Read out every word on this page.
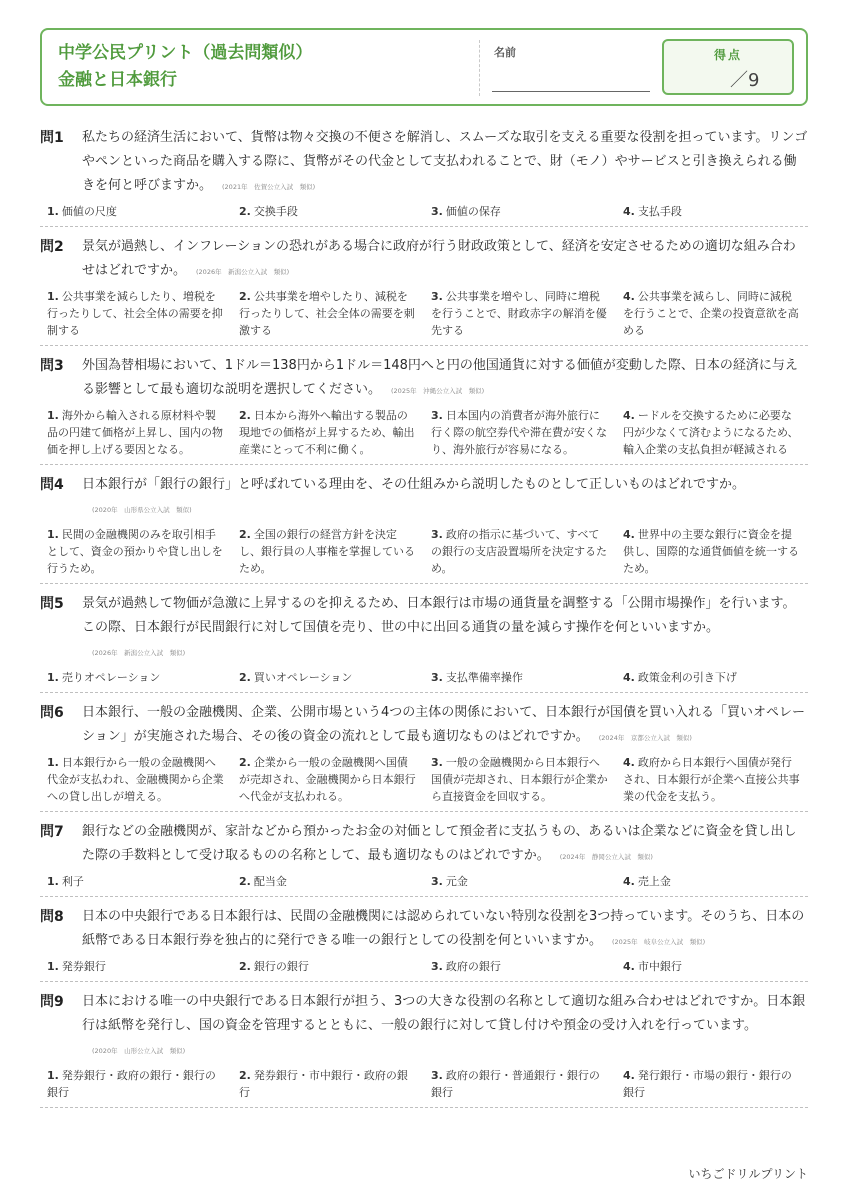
中学公民プリント（過去問類似）
金融と日本銀行
名前	得点
／9
問1	私たちの経済生活において、貨幣は物々交換の不便さを解消し、スムーズな取引を支える重要な役割を担っています。リンゴやペンといった商品を購入する際に、貨幣がその代金として支払われることで、財（モノ）やサービスと引き換えられる働きを何と呼びますか。 (2021年　佐賀公立入試　類似)
1. 価値の尺度	2. 交換手段	3. 価値の保存	4. 支払手段
問2	景気が過熱し、インフレーションの恐れがある場合に政府が行う財政政策として、経済を安定させるための適切な組み合わせはどれですか。 (2026年　新潟公立入試　類似)
1. 公共事業を減らしたり、増税を行ったりして、社会全体の需要を抑制する
2. 公共事業を増やしたり、減税を行ったりして、社会全体の需要を刺激する
3. 公共事業を増やし、同時に増税を行うことで、財政赤字の解消を優先する
4. 公共事業を減らし、同時に減税を行うことで、企業の投資意欲を高める
問3	外国為替相場において、1ドル＝138円から1ドル＝148円へと円の他国通貨に対する価値が変動した際、日本の経済に与える影響として最も適切な説明を選択してください。 (2025年　沖縄公立入試　類似)
1. 海外から輸入される原材料や製品の円建て価格が上昇し、国内の物価を押し上げる要因となる。
2. 日本から海外へ輸出する製品の現地での価格が上昇するため、輸出産業にとって不利に働く。
3. 日本国内の消費者が海外旅行に行く際の航空券代や滞在費が安くなり、海外旅行が容易になる。
4. ードルを交換するために必要な円が少なくて済むようになるため、輸入企業の支払負担が軽減される
問4	日本銀行が「銀行の銀行」と呼ばれている理由を、その仕組みから説明したものとして正しいものはどれですか。(2020年　山形県公立入試　類似)
1. 民間の金融機関のみを取引相手として、資金の預かりや貸し出しを行うため。
2. 全国の銀行の経営方針を決定し、銀行員の人事権を掌握しているため。
3. 政府の指示に基づいて、すべての銀行の支店設置場所を決定するため。
4. 世界中の主要な銀行に資金を提供し、国際的な通貨価値を統一するため。
問5	景気が過熱して物価が急激に上昇するのを抑えるため、日本銀行は市場の通貨量を調整する「公開市場操作」を行います。この際、日本銀行が民間銀行に対して国債を売り、世の中に出回る通貨の量を減らす操作を何といいますか。(2026年　新潟公立入試　類似)
1. 売りオペレーション	2. 買いオペレーション	3. 支払準備率操作	4. 政策金利の引き下げ
問6	日本銀行、一般の金融機関、企業、公開市場という4つの主体の関係において、日本銀行が国債を買い入れる「買いオペレーション」が実施された場合、その後の資金の流れとして最も適切なものはどれですか。 (2024年　京都公立入試　類似)
1. 日本銀行から一般の金融機関へ代金が支払われ、金融機関から企業への貸し出しが増える。
2. 企業から一般の金融機関へ国債が売却され、金融機関から日本銀行へ代金が支払われる。
3. 一般の金融機関から日本銀行へ国債が売却され、日本銀行が企業から直接資金を回収する。
4. 政府から日本銀行へ国債が発行され、日本銀行が企業へ直接公共事業の代金を支払う。
問7	銀行などの金融機関が、家計などから預かったお金の対価として預金者に支払うもの、あるいは企業などに資金を貸し出した際の手数料として受け取るものの名称として、最も適切なものはどれですか。 (2024年　静岡公立入試　類似)
1. 利子	2. 配当金	3. 元金	4. 売上金
問8	日本の中央銀行である日本銀行は、民間の金融機関には認められていない特別な役割を3つ持っています。そのうち、日本の紙幣である日本銀行券を独占的に発行できる唯一の銀行としての役割を何といいますか。 (2025年　岐阜公立入試　類似)
1. 発券銀行	2. 銀行の銀行	3. 政府の銀行	4. 市中銀行
問9	日本における唯一の中央銀行である日本銀行が担う、3つの大きな役割の名称として適切な組み合わせはどれですか。日本銀行は紙幣を発行し、国の資金を管理するとともに、一般の銀行に対して貸し付けや預金の受け入れを行っています。(2020年　山形公立入試　類似)
1. 発券銀行・政府の銀行・銀行の銀行
2. 発券銀行・市中銀行・政府の銀行
3. 政府の銀行・普通銀行・銀行の銀行
4. 発行銀行・市場の銀行・銀行の銀行
いちごドリルプリント
